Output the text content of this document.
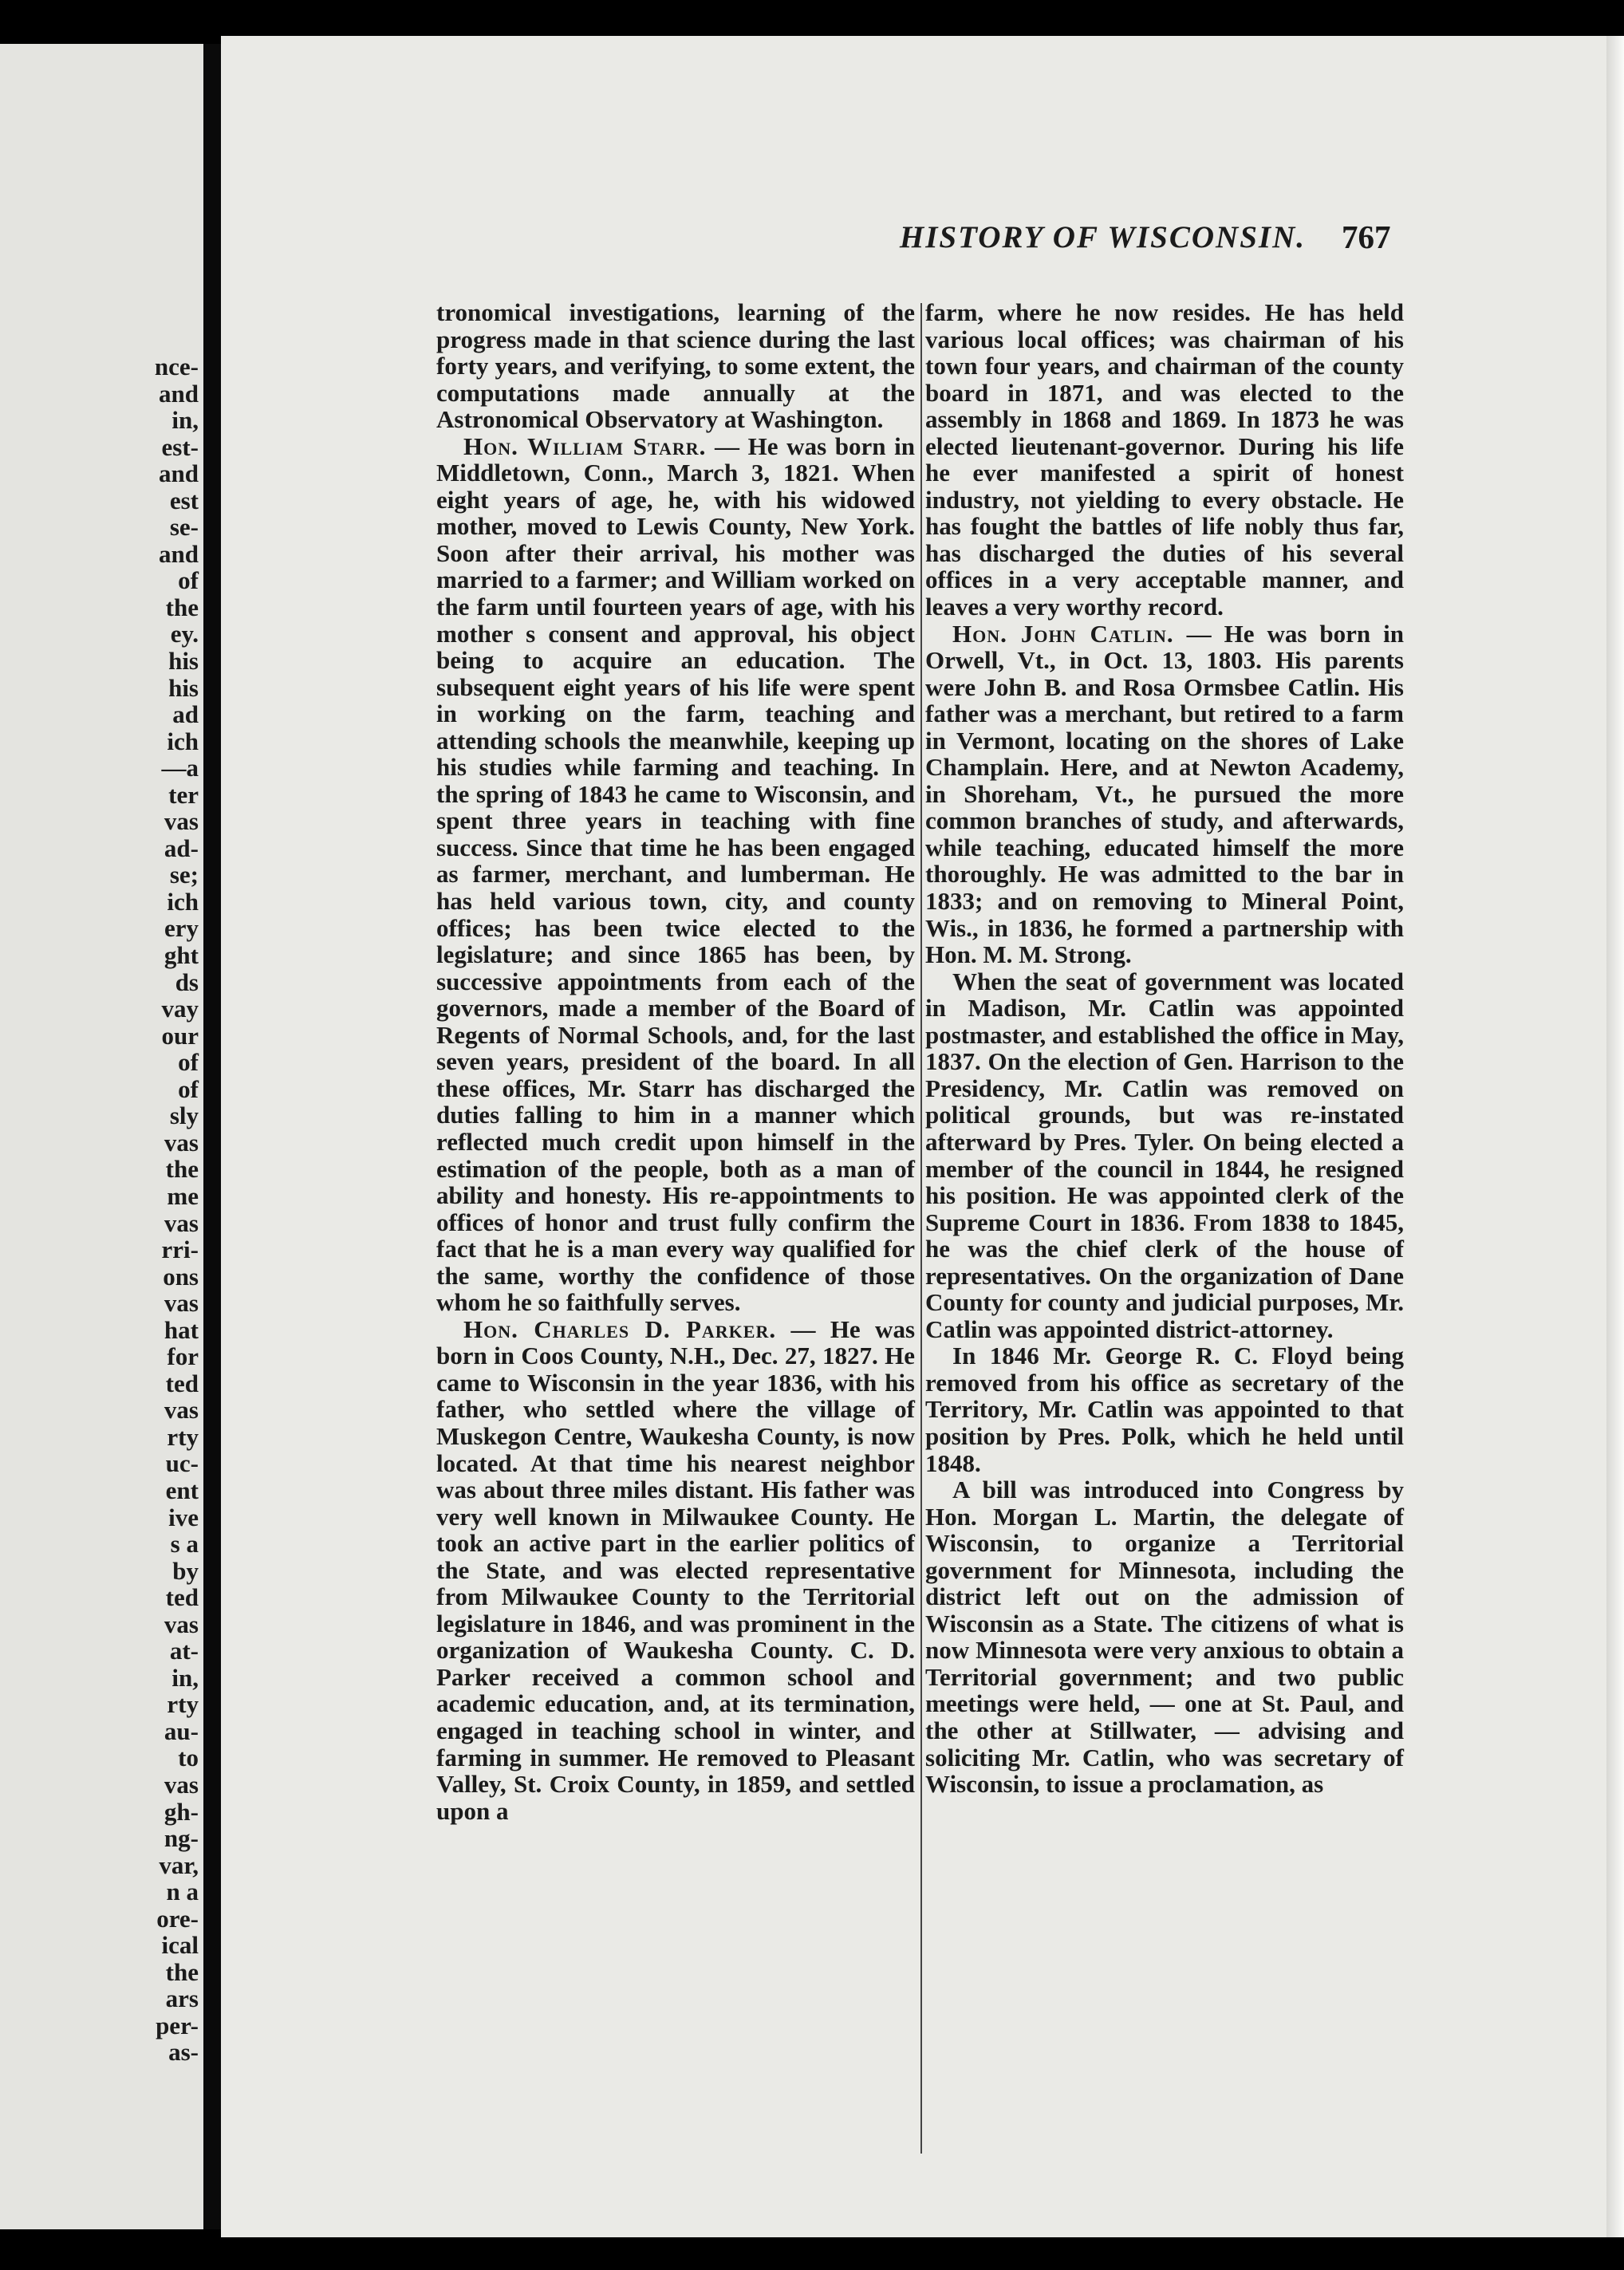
nce-
and
in,
est-
and
est
se-
and
of
the
ey.
his
his
ad
ich
—a
ter
vas
ad-
se;
ich
ery
ght
ds
vay
our
of
of
sly
vas
the
me
vas
rri-
ons
vas
hat
for
ted
vas
rty
uc-
ent
ive
s a
by
ted
vas
at-
in,
rty
au-
to
vas
gh-
ng-
var,
n a
ore-
ical
the
ars
per-
as-
HISTORY OF WISCONSIN. 767

tronomical investigations, learning of the progress made in that science during the last forty years, and verifying, to some extent, the computations made annually at the Astronomical Observatory at Washington.

Hon. William Starr. — He was born in Middletown, Conn., March 3, 1821. When eight years of age, he, with his widowed mother, moved to Lewis County, New York. Soon after their arrival, his mother was married to a farmer; and William worked on the farm until fourteen years of age, with his mother s consent and approval, his object being to acquire an education. The subsequent eight years of his life were spent in working on the farm, teaching and attending schools the meanwhile, keeping up his studies while farming and teaching. In the spring of 1843 he came to Wisconsin, and spent three years in teaching with fine success. Since that time he has been engaged as farmer, merchant, and lumberman. He has held various town, city, and county offices; has been twice elected to the legislature; and since 1865 has been, by successive appointments from each of the governors, made a member of the Board of Regents of Normal Schools, and, for the last seven years, president of the board. In all these offices, Mr. Starr has discharged the duties falling to him in a manner which reflected much credit upon himself in the estimation of the people, both as a man of ability and honesty. His re-appointments to offices of honor and trust fully confirm the fact that he is a man every way qualified for the same, worthy the confidence of those whom he so faithfully serves.

Hon. Charles D. Parker. — He was born in Coos County, N.H., Dec. 27, 1827. He came to Wisconsin in the year 1836, with his father, who settled where the village of Muskegon Centre, Waukesha County, is now located. At that time his nearest neighbor was about three miles distant. His father was very well known in Milwaukee County. He took an active part in the earlier politics of the State, and was elected representative from Milwaukee County to the Territorial legislature in 1846, and was prominent in the organization of Waukesha County. C. D. Parker received a common school and academic education, and, at its termination, engaged in teaching school in winter, and farming in summer. He removed to Pleasant Valley, St. Croix County, in 1859, and settled upon a

farm, where he now resides. He has held various local offices; was chairman of his town four years, and chairman of the county board in 1871, and was elected to the assembly in 1868 and 1869. In 1873 he was elected lieutenant-governor. During his life he ever manifested a spirit of honest industry, not yielding to every obstacle. He has fought the battles of life nobly thus far, has discharged the duties of his several offices in a very acceptable manner, and leaves a very worthy record.

Hon. John Catlin. — He was born in Orwell, Vt., in Oct. 13, 1803. His parents were John B. and Rosa Ormsbee Catlin. His father was a merchant, but retired to a farm in Vermont, locating on the shores of Lake Champlain. Here, and at Newton Academy, in Shoreham, Vt., he pursued the more common branches of study, and afterwards, while teaching, educated himself the more thoroughly. He was admitted to the bar in 1833; and on removing to Mineral Point, Wis., in 1836, he formed a partnership with Hon. M. M. Strong.

When the seat of government was located in Madison, Mr. Catlin was appointed postmaster, and established the office in May, 1837. On the election of Gen. Harrison to the Presidency, Mr. Catlin was removed on political grounds, but was re-instated afterward by Pres. Tyler. On being elected a member of the council in 1844, he resigned his position. He was appointed clerk of the Supreme Court in 1836. From 1838 to 1845, he was the chief clerk of the house of representatives. On the organization of Dane County for county and judicial purposes, Mr. Catlin was appointed district-attorney.

In 1846 Mr. George R. C. Floyd being removed from his office as secretary of the Territory, Mr. Catlin was appointed to that position by Pres. Polk, which he held until 1848.

A bill was introduced into Congress by Hon. Morgan L. Martin, the delegate of Wisconsin, to organize a Territorial government for Minnesota, including the district left out on the admission of Wisconsin as a State. The citizens of what is now Minnesota were very anxious to obtain a Territorial government; and two public meetings were held, — one at St. Paul, and the other at Stillwater, — advising and soliciting Mr. Catlin, who was secretary of Wisconsin, to issue a proclamation, as
